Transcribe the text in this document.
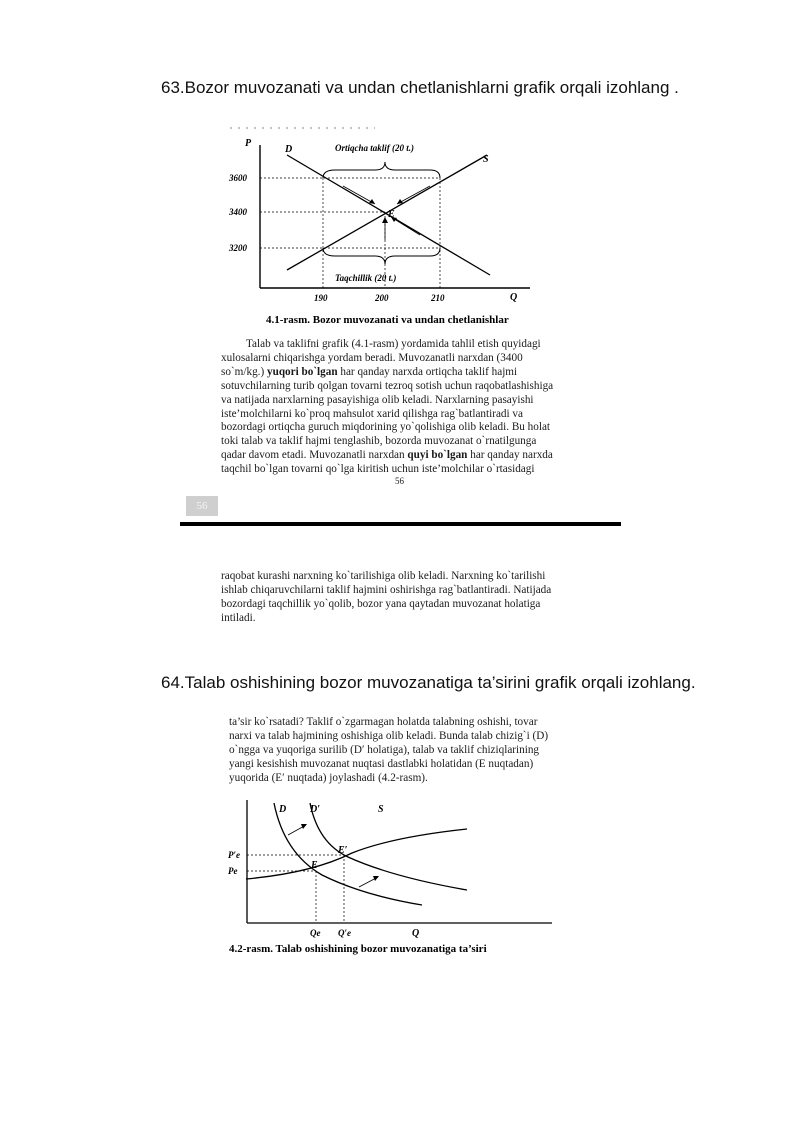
63.Bozor muvozanati va undan chetlanishlarni grafik orqali izohlang .
P
Q
D
S
E
Ortiqcha taklif (20 t.)
Taqchillik (20 t.)
3600
3400
3200
190	200	210
4.1-rasm. Bozor muvozanati va undan chetlanishlar

Talab va taklifni grafik (4.1-rasm) yordamida tahlil etish quyidagi

xulosalarni chiqarishga yordam beradi. Muvozanatli narxdan (3400

so`m/kg.) yuqori bo`lgan har qanday narxda ortiqcha taklif hajmi

sotuvchilarning turib qolgan tovarni tezroq sotish uchun raqobatlashishiga

va natijada narxlarning pasayishiga olib keladi. Narxlarning pasayishi

iste’molchilarni ko`proq mahsulot xarid qilishga rag`batlantiradi va

bozordagi ortiqcha guruch miqdorining yo`qolishiga olib keladi. Bu holat

toki talab va taklif hajmi tenglashib, bozorda muvozanat o`rnatilgunga

qadar davom etadi. Muvozanatli narxdan quyi bo`lgan har qanday narxda

taqchil bo`lgan tovarni qo`lga kiritish uchun iste’molchilar o`rtasidagi

56
56

raqobat kurashi narxning ko`tarilishiga olib keladi. Narxning ko`tarilishi

ishlab chiqaruvchilarni taklif hajmini oshirishga rag`batlantiradi. Natijada

bozordagi taqchillik yo`qolib, bozor yana qaytadan muvozanat holatiga

intiladi.

64.Talab oshishining bozor muvozanatiga ta’sirini grafik orqali izohlang.

ta’sir ko`rsatadi? Taklif o`zgarmagan holatda talabning oshishi, tovar

narxi va talab hajmining oshishiga olib keladi. Bunda talab chizig`i (D)

o`ngga va yuqoriga surilib (D′ holatiga), talab va taklif chiziqlarining

yangi kesishish muvozanat nuqtasi dastlabki holatidan (E nuqtadan)

yuqorida (E′ nuqtada) joylashadi (4.2-rasm).

D D′	S
E
E′
P′e
Pe
Qe Q′e	Q
4.2-rasm. Talab oshishining bozor muvozanatiga ta’siri
